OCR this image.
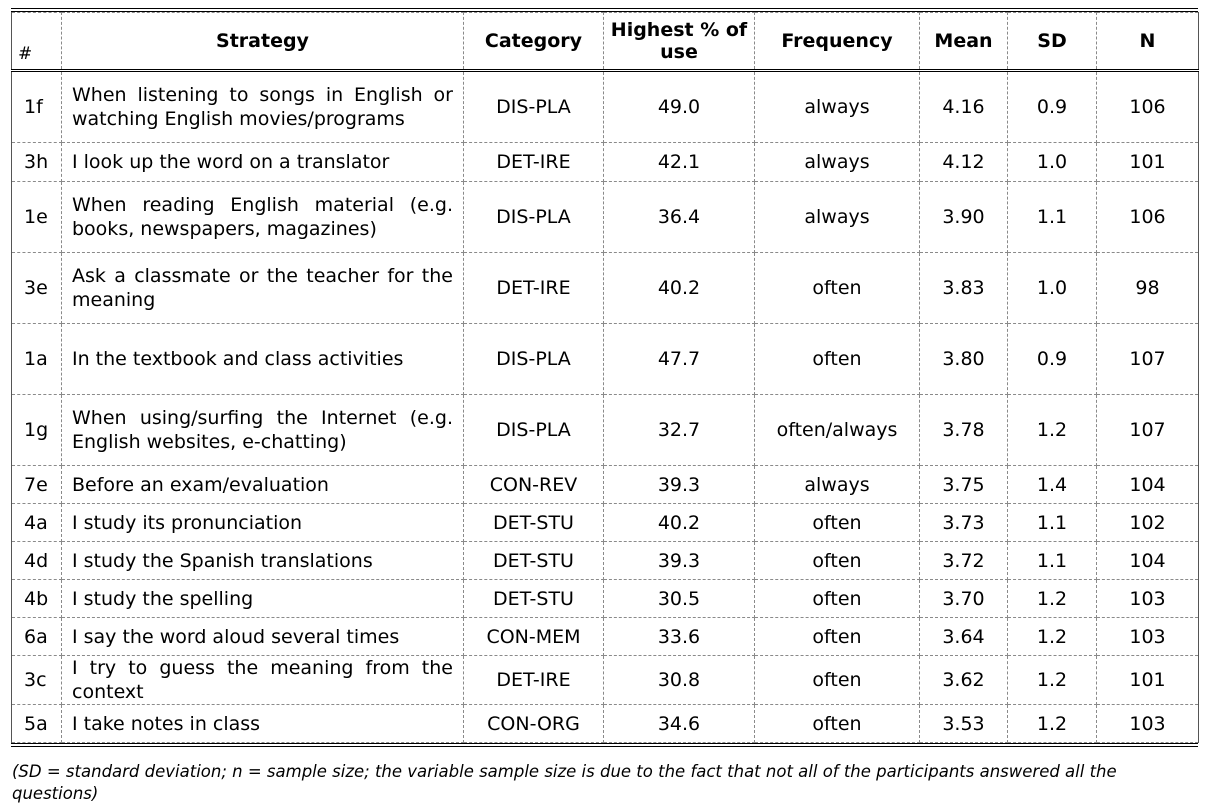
#	Strategy	Category	Highest % of use	Frequency	Mean	SD	N
1f	When listening to songs in English or watching English movies/programs	DIS-PLA	49.0	always	4.16	0.9	106
3h	I look up the word on a translator	DET-IRE	42.1	always	4.12	1.0	101
1e	When reading English material (e.g. books, newspapers, magazines)	DIS-PLA	36.4	always	3.90	1.1	106
3e	Ask a classmate or the teacher for the meaning	DET-IRE	40.2	often	3.83	1.0	98
1a	In the textbook and class activities	DIS-PLA	47.7	often	3.80	0.9	107
1g	When using/surfing the Internet (e.g. English websites, e-chatting)	DIS-PLA	32.7	often/always	3.78	1.2	107
7e	Before an exam/evaluation	CON-REV	39.3	always	3.75	1.4	104
4a	I study its pronunciation	DET-STU	40.2	often	3.73	1.1	102
4d	I study the Spanish translations	DET-STU	39.3	often	3.72	1.1	104
4b	I study the spelling	DET-STU	30.5	often	3.70	1.2	103
6a	I say the word aloud several times	CON-MEM	33.6	often	3.64	1.2	103
3c	I try to guess the meaning from the context	DET-IRE	30.8	often	3.62	1.2	101
5a	I take notes in class	CON-ORG	34.6	often	3.53	1.2	103
(SD = standard deviation; n = sample size; the variable sample size is due to the fact that not all of the participants answered all the questions)
